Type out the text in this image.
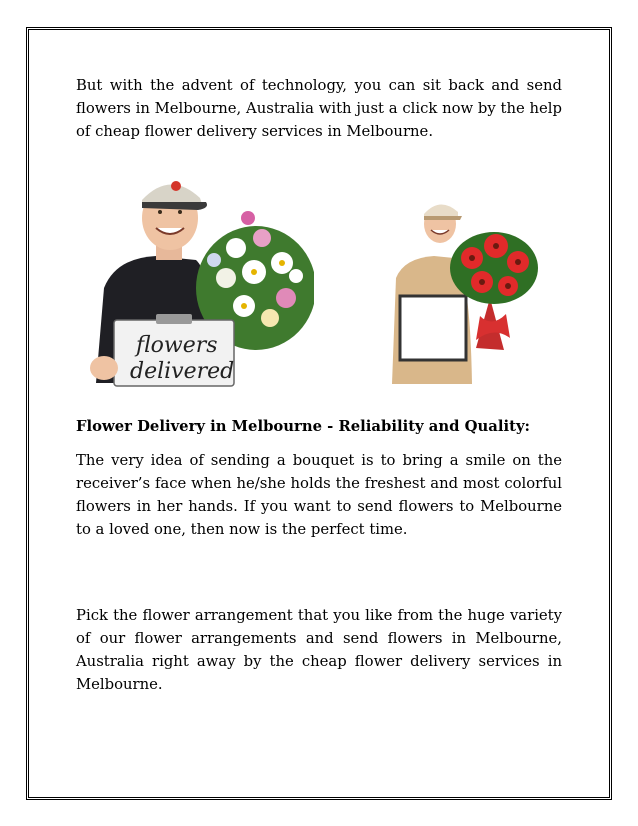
But with the advent of technology, you can sit back and send flowers in Melbourne, Australia with just a click now by the help of cheap flower delivery services in Melbourne.

flowers
delivered
Flower Delivery in Melbourne - Reliability and Quality:

The very idea of sending a bouquet is to bring a smile on the receiver’s face when he/she holds the freshest and most colorful flowers in her hands. If you want to send flowers to Melbourne to a loved one, then now is the perfect time.

Pick the flower arrangement that you like from the huge variety of our flower arrangements and send flowers in Melbourne, Australia right away by the cheap flower delivery services in Melbourne.
